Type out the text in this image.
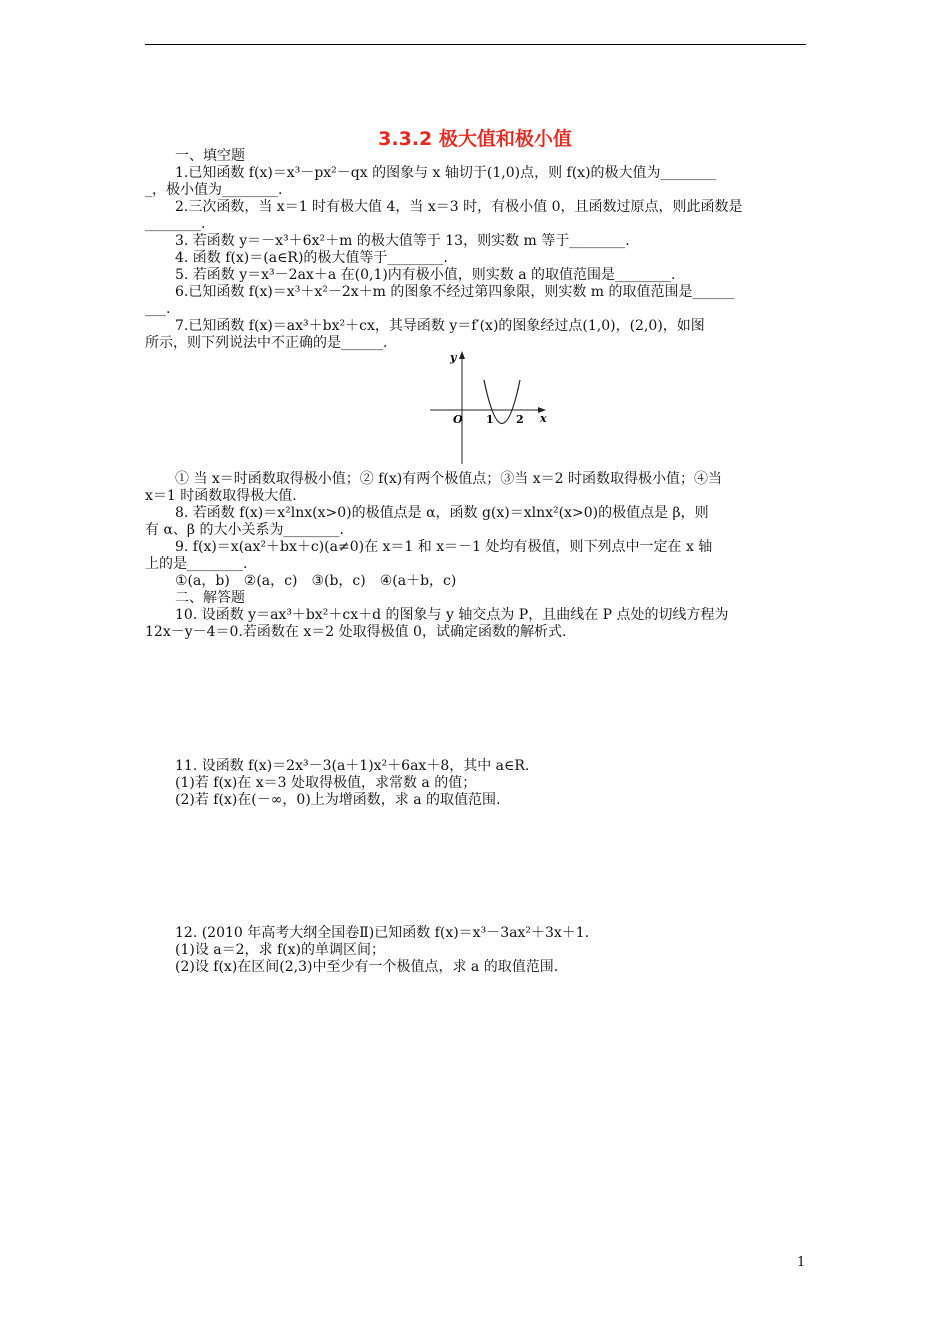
3.3.2 极大值和极小值
一、填空题
1.已知函数 f(x)＝x³－px²－qx 的图象与 x 轴切于(1,0)点，则 f(x)的极大值为________
_，极小值为________.
2.三次函数，当 x＝1 时有极大值 4，当 x＝3 时，有极小值 0，且函数过原点，则此函数是
________.
3. 若函数 y＝－x³＋6x²＋m 的极大值等于 13，则实数 m 等于________.
4. 函数 f(x)＝(a∈R)的极大值等于________.
5. 若函数 y＝x³－2ax＋a 在(0,1)内有极小值，则实数 a 的取值范围是________.
6.已知函数 f(x)＝x³＋x²－2x＋m 的图象不经过第四象限，则实数 m 的取值范围是______
___.
7.已知函数 f(x)＝ax³＋bx²＋cx，其导函数 y＝f′(x)的图象经过点(1,0)，(2,0)，如图
所示，则下列说法中不正确的是______.
y
x
O 1 2
① 当 x＝时函数取得极小值；② f(x)有两个极值点；③当 x＝2 时函数取得极小值；④当
x＝1 时函数取得极大值.
8. 若函数 f(x)＝x²lnx(x>0)的极值点是 α，函数 g(x)＝xlnx²(x>0)的极值点是 β，则
有 α、β 的大小关系为________.
9. f(x)＝x(ax²＋bx＋c)(a≠0)在 x＝1 和 x＝－1 处均有极值，则下列点中一定在 x 轴
上的是________.
①(a，b)　②(a，c)　③(b，c)　④(a＋b，c)
二、解答题
10. 设函数 y＝ax³＋bx²＋cx＋d 的图象与 y 轴交点为 P，且曲线在 P 点处的切线方程为
12x－y－4＝0.若函数在 x＝2 处取得极值 0，试确定函数的解析式.
11. 设函数 f(x)＝2x³－3(a＋1)x²＋6ax＋8，其中 a∈R.
(1)若 f(x)在 x＝3 处取得极值，求常数 a 的值；
(2)若 f(x)在(－∞，0)上为增函数，求 a 的取值范围.
12. (2010 年高考大纲全国卷Ⅱ)已知函数 f(x)＝x³－3ax²＋3x＋1.
(1)设 a＝2，求 f(x)的单调区间；
(2)设 f(x)在区间(2,3)中至少有一个极值点，求 a 的取值范围.
1
